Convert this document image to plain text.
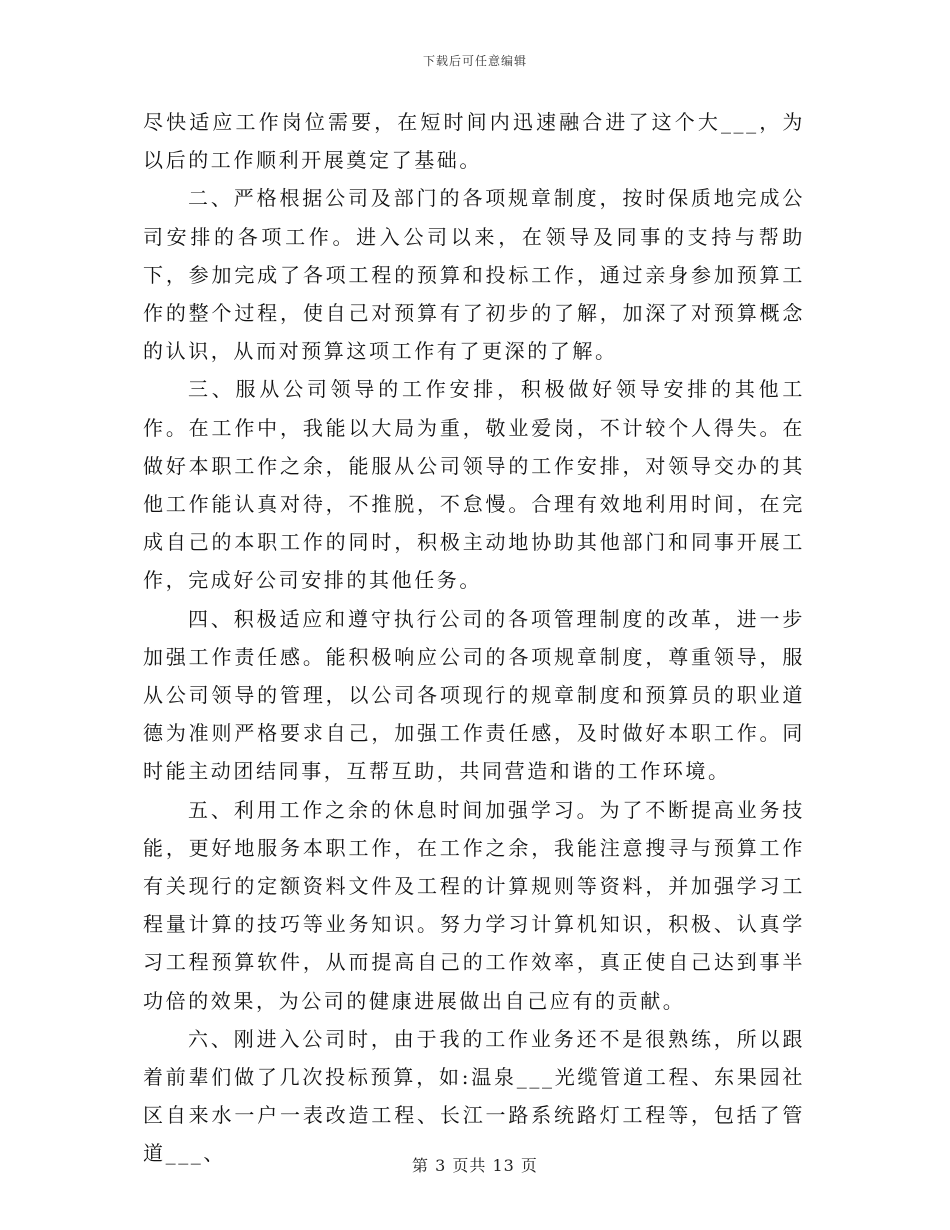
下载后可任意编辑

尽快适应工作岗位需要，在短时间内迅速融合进了这个大___，为以后的工作顺利开展奠定了基础。

二、严格根据公司及部门的各项规章制度，按时保质地完成公司安排的各项工作。进入公司以来，在领导及同事的支持与帮助下，参加完成了各项工程的预算和投标工作，通过亲身参加预算工作的整个过程，使自己对预算有了初步的了解，加深了对预算概念的认识，从而对预算这项工作有了更深的了解。

三、服从公司领导的工作安排，积极做好领导安排的其他工作。在工作中，我能以大局为重，敬业爱岗，不计较个人得失。在做好本职工作之余，能服从公司领导的工作安排，对领导交办的其他工作能认真对待，不推脱，不怠慢。合理有效地利用时间，在完成自己的本职工作的同时，积极主动地协助其他部门和同事开展工作，完成好公司安排的其他任务。

四、积极适应和遵守执行公司的各项管理制度的改革，进一步加强工作责任感。能积极响应公司的各项规章制度，尊重领导，服从公司领导的管理，以公司各项现行的规章制度和预算员的职业道德为准则严格要求自己，加强工作责任感，及时做好本职工作。同时能主动团结同事，互帮互助，共同营造和谐的工作环境。

五、利用工作之余的休息时间加强学习。为了不断提高业务技能，更好地服务本职工作，在工作之余，我能注意搜寻与预算工作有关现行的定额资料文件及工程的计算规则等资料，并加强学习工程量计算的技巧等业务知识。努力学习计算机知识，积极、认真学习工程预算软件，从而提高自己的工作效率，真正使自己达到事半功倍的效果，为公司的健康进展做出自己应有的贡献。

六、刚进入公司时，由于我的工作业务还不是很熟练，所以跟着前辈们做了几次投标预算，如:温泉___光缆管道工程、东果园社区自来水一户一表改造工程、长江一路系统路灯工程等，包括了管道___、

第 3 页共 13 页
